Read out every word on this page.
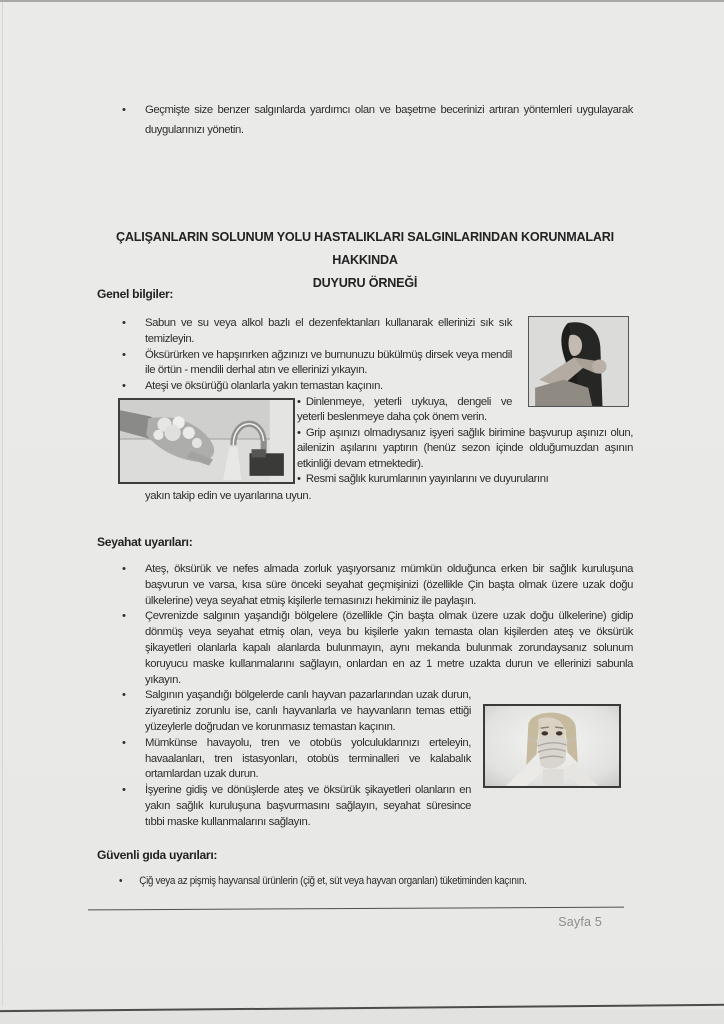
• Geçmişte size benzer salgınlarda yardımcı olan ve başetme becerinizi artıran yöntemleri uygulayarak duygularınızı yönetin.
ÇALIŞANLARIN SOLUNUM YOLU HASTALIKLARI SALGINLARINDAN KORUNMALARI HAKKINDA
DUYURU ÖRNEĞİ
Genel bilgiler:
• Sabun ve su veya alkol bazlı el dezenfektanları kullanarak ellerinizi sık sık temizleyin.
• Öksürürken ve hapşırırken ağzınızı ve burnunuzu bükülmüş dirsek veya mendil ile örtün - mendili derhal atın ve ellerinizi yıkayın.
• Ateşi ve öksürüğü olanlarla yakın temastan kaçının.

• Dinlenmeye, yeterli uykuya, dengeli ve yeterli beslenmeye daha çok önem verin.

• Grip aşınızı olmadıysanız işyeri sağlık birimine başvurup aşınızı olun, ailenizin aşılarını yaptırın (henüz sezon içinde olduğumuzdan aşının etkinliği devam etmektedir).

• Resmi sağlık kurumlarının yayınlarını ve duyurularını

yakın takip edin ve uyarılarına uyun.

Seyahat uyarıları:
• Ateş, öksürük ve nefes almada zorluk yaşıyorsanız mümkün olduğunca erken bir sağlık kuruluşuna başvurun ve varsa, kısa süre önceki seyahat geçmişinizi (özellikle Çin başta olmak üzere uzak doğu ülkelerine) veya seyahat etmiş kişilerle temasınızı hekiminiz ile paylaşın.
• Çevrenizde salgının yaşandığı bölgelere (özellikle Çin başta olmak üzere uzak doğu ülkelerine) gidip dönmüş veya seyahat etmiş olan, veya bu kişilerle yakın temasta olan kişilerden ateş ve öksürük şikayetleri olanlarla kapalı alanlarda bulunmayın, aynı mekanda bulunmak zorundaysanız solunum koruyucu maske kullanmalarını sağlayın, onlardan en az 1 metre uzakta durun ve ellerinizi sabunla yıkayın.
• Salgının yaşandığı bölgelerde canlı hayvan pazarlarından uzak durun, ziyaretiniz zorunlu ise, canlı hayvanlarla ve hayvanların temas ettiği yüzeylerle doğrudan ve korunmasız temastan kaçının.
• Mümkünse havayolu, tren ve otobüs yolculuklarınızı erteleyin, havaalanları, tren istasyonları, otobüs terminalleri ve kalabalık ortamlardan uzak durun.
• İşyerine gidiş ve dönüşlerde ateş ve öksürük şikayetleri olanların en yakın sağlık kuruluşuna başvurmasını sağlayın, seyahat süresince tıbbi maske kullanmalarını sağlayın.
Güvenli gıda uyarıları:
• Çiğ veya az pişmiş hayvansal ürünlerin (çiğ et, süt veya hayvan organları) tüketiminden kaçının.
Sayfa 5
